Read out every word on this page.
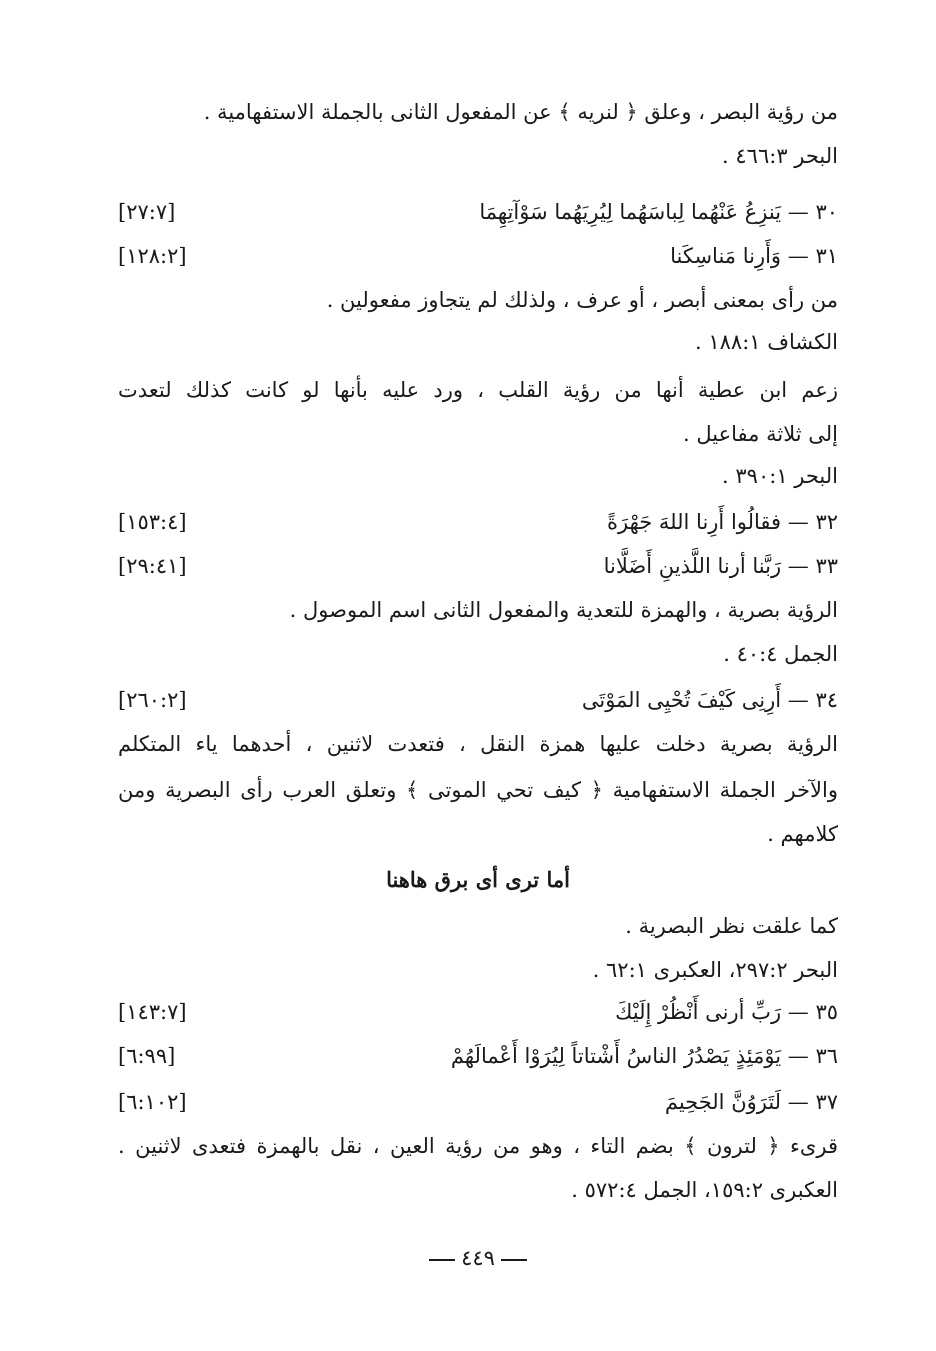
من رؤية البصر ، وعلق ﴿ لنريه ﴾ عن المفعول الثانى بالجملة الاستفهامية .
البحر ٤٦٦:٣ .
٣٠ — يَنزِعُ عَنْهُما لِباسَهُما لِيُرِيَهُما سَوْآتِهِمَا
[٢٧:٧]
٣١ — وَأَرِنا مَناسِكَنا
[١٢٨:٢]
من رأى بمعنى أبصر ، أو عرف ، ولذلك لم يتجاوز مفعولين .
الكشاف ١٨٨:١ .
زعم ابن عطية أنها من رؤية القلب ، ورد عليه بأنها لو كانت كذلك لتعدت
إلى ثلاثة مفاعيل .
البحر ٣٩٠:١ .
٣٢ — فقالُوا أَرِنا اللهَ جَهْرَةً
[١٥٣:٤]
٣٣ — رَبَّنا أرنا اللَّذينِ أَضَلَّانا
[٢٩:٤١]
الرؤية بصرية ، والهمزة للتعدية والمفعول الثانى اسم الموصول .
الجمل ٤٠:٤ .
٣٤ — أَرِنِى كَيْفَ تُحْيِى المَوْتَى
[٢٦٠:٢]
الرؤية بصرية دخلت عليها همزة النقل ، فتعدت لاثنين ، أحدهما ياء المتكلم
والآخر الجملة الاستفهامية ﴿ كيف تحي الموتى ﴾ وتعلق العرب رأى البصرية ومن
كلامهم .
أما ترى أى برق هاهنا
كما علقت نظر البصرية .
البحر ٢٩٧:٢، العكبرى ٦٢:١ .
٣٥ — رَبِّ أرنى أَنْظُرْ إِلَيْكَ
[١٤٣:٧]
٣٦ — يَوْمَئِذٍ يَصْدُرُ الناسُ أَشْتاتاً لِيُرَوْا أَعْمالَهُمْ
[٦:٩٩]
٣٧ — لَتَرَوُنَّ الجَحِيمَ
[٦:١٠٢]
قرىء ﴿ لترون ﴾ بضم التاء ، وهو من رؤية العين ، نقل بالهمزة فتعدى لاثنين .
العكبرى ١٥٩:٢، الجمل ٥٧٢:٤ .
٤٤٩
